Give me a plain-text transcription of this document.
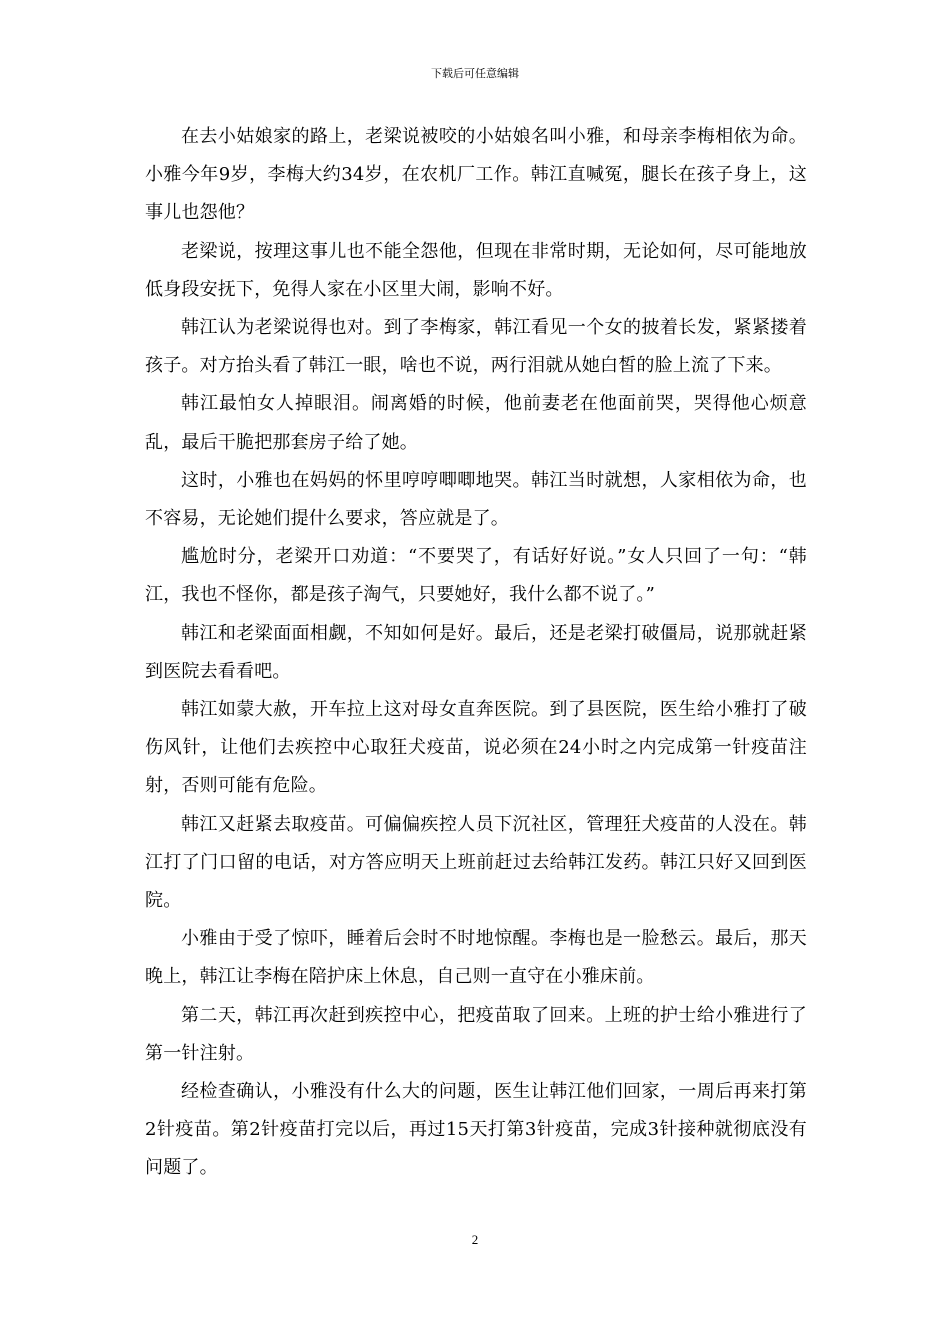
下载后可任意编辑

在去小姑娘家的路上，老梁说被咬的小姑娘名叫小雅，和母亲李梅相依为命。小雅今年9岁，李梅大约34岁，在农机厂工作。韩江直喊冤，腿长在孩子身上，这事儿也怨他？

老梁说，按理这事儿也不能全怨他，但现在非常时期，无论如何，尽可能地放低身段安抚下，免得人家在小区里大闹，影响不好。

韩江认为老梁说得也对。到了李梅家，韩江看见一个女的披着长发，紧紧搂着孩子。对方抬头看了韩江一眼，啥也不说，两行泪就从她白皙的脸上流了下来。

韩江最怕女人掉眼泪。闹离婚的时候，他前妻老在他面前哭，哭得他心烦意乱，最后干脆把那套房子给了她。

这时，小雅也在妈妈的怀里哼哼唧唧地哭。韩江当时就想，人家相依为命，也不容易，无论她们提什么要求，答应就是了。

尴尬时分，老梁开口劝道：“不要哭了，有话好好说。”女人只回了一句：“韩江，我也不怪你，都是孩子淘气，只要她好，我什么都不说了。”

韩江和老梁面面相觑，不知如何是好。最后，还是老梁打破僵局，说那就赶紧到医院去看看吧。

韩江如蒙大赦，开车拉上这对母女直奔医院。到了县医院，医生给小雅打了破伤风针，让他们去疾控中心取狂犬疫苗，说必须在24小时之内完成第一针疫苗注射，否则可能有危险。

韩江又赶紧去取疫苗。可偏偏疾控人员下沉社区，管理狂犬疫苗的人没在。韩江打了门口留的电话，对方答应明天上班前赶过去给韩江发药。韩江只好又回到医院。

小雅由于受了惊吓，睡着后会时不时地惊醒。李梅也是一脸愁云。最后，那天晚上，韩江让李梅在陪护床上休息，自己则一直守在小雅床前。

第二天，韩江再次赶到疾控中心，把疫苗取了回来。上班的护士给小雅进行了第一针注射。

经检查确认，小雅没有什么大的问题，医生让韩江他们回家，一周后再来打第2针疫苗。第2针疫苗打完以后，再过15天打第3针疫苗，完成3针接种就彻底没有问题了。

2
